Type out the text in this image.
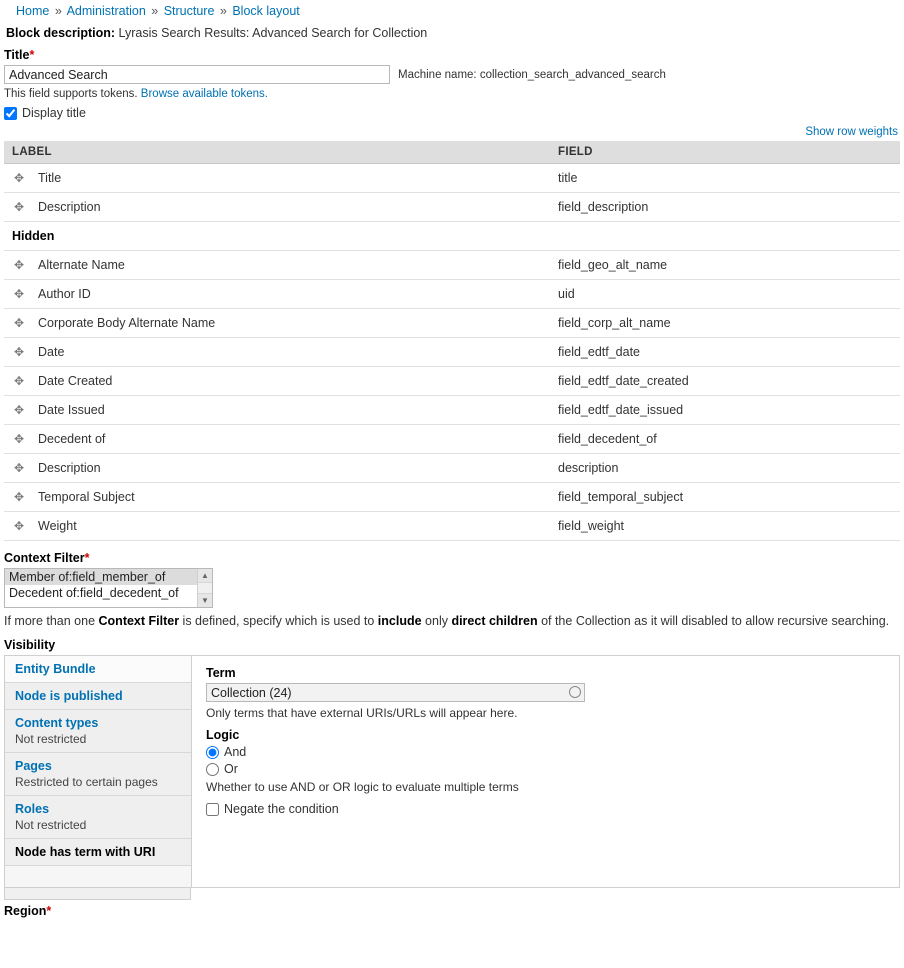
Home » Administration » Structure » Block layout
Block description: Lyrasis Search Results: Advanced Search for Collection
Title*
Advanced Search
Machine name: collection_search_advanced_search
This field supports tokens. Browse available tokens.
Display title
Show row weights
LABEL	FIELD

✥ Title	title

✥ Description	field_description
Hidden	

✥ Alternate Name	field_geo_alt_name

✥ Author ID	uid

✥ Corporate Body Alternate Name	field_corp_alt_name

✥ Date	field_edtf_date

✥ Date Created	field_edtf_date_created

✥ Date Issued	field_edtf_date_issued

✥ Decedent of	field_decedent_of

✥ Description	description

✥ Temporal Subject	field_temporal_subject

✥ Weight	field_weight
Context Filter*
Member of:field_member_of
Decedent of:field_decedent_of
▲
▼
If more than one Context Filter is defined, specify which is used to include only direct children of the Collection as it will disabled to allow recursive searching.
Visibility
Entity Bundle
Node is published
Content types
Not restricted
Pages
Restricted to certain pages
Roles
Not restricted
Node has term with URI
Term
Collection (24)
Only terms that have external URIs/URLs will appear here.
Logic
And
Or
Whether to use AND or OR logic to evaluate multiple terms
Negate the condition
Region*
